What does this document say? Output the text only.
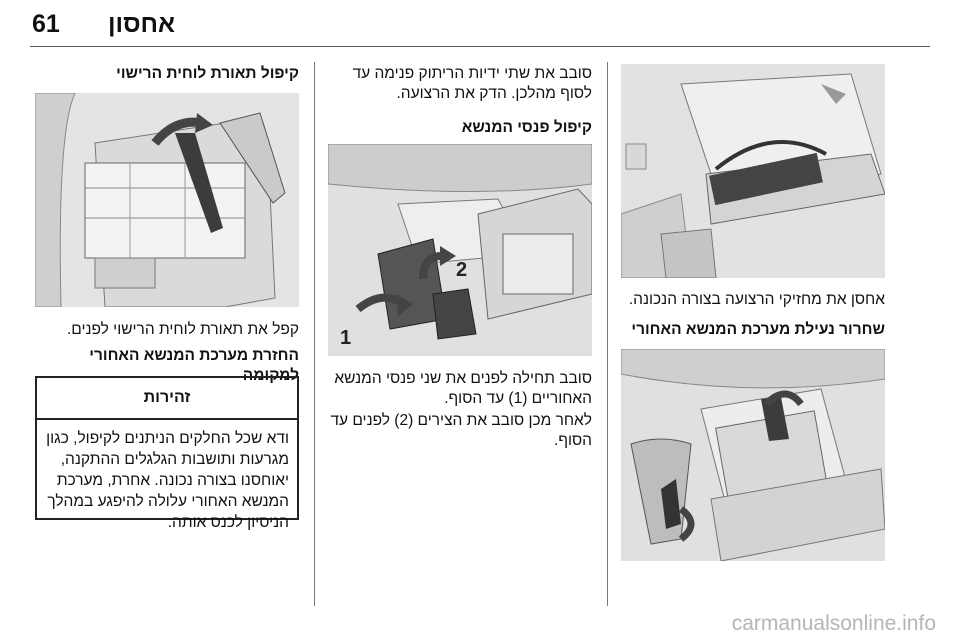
61 אחסון
קיפול תאורת לוחית הרישוי
קפל את תאורת לוחית הרישוי לפנים.
החזרת מערכת המנשא האחורי למקומה
זהירות
ודא שכל החלקים הניתנים לקיפול, כגון מגרעות ותושבות הגלגלים ההתקנה, יאוחסנו בצורה נכונה. אחרת, מערכת המנשא האחורי עלולה להיפגע במהלך הניסיון לכנס אותה.
סובב את שתי ידיות הריתוק פנימה עד לסוף מהלכן. הדק את הרצועה.
קיפול פנסי המנשא
1
2
סובב תחילה לפנים את שני פנסי המנשא האחוריים (1) עד הסוף.
לאחר מכן סובב את הצירים (2) לפנים עד הסוף.
אחסן את מחזיקי הרצועה בצורה הנכונה.
שחרור נעילת מערכת המנשא האחורי
carmanualsonline.info
